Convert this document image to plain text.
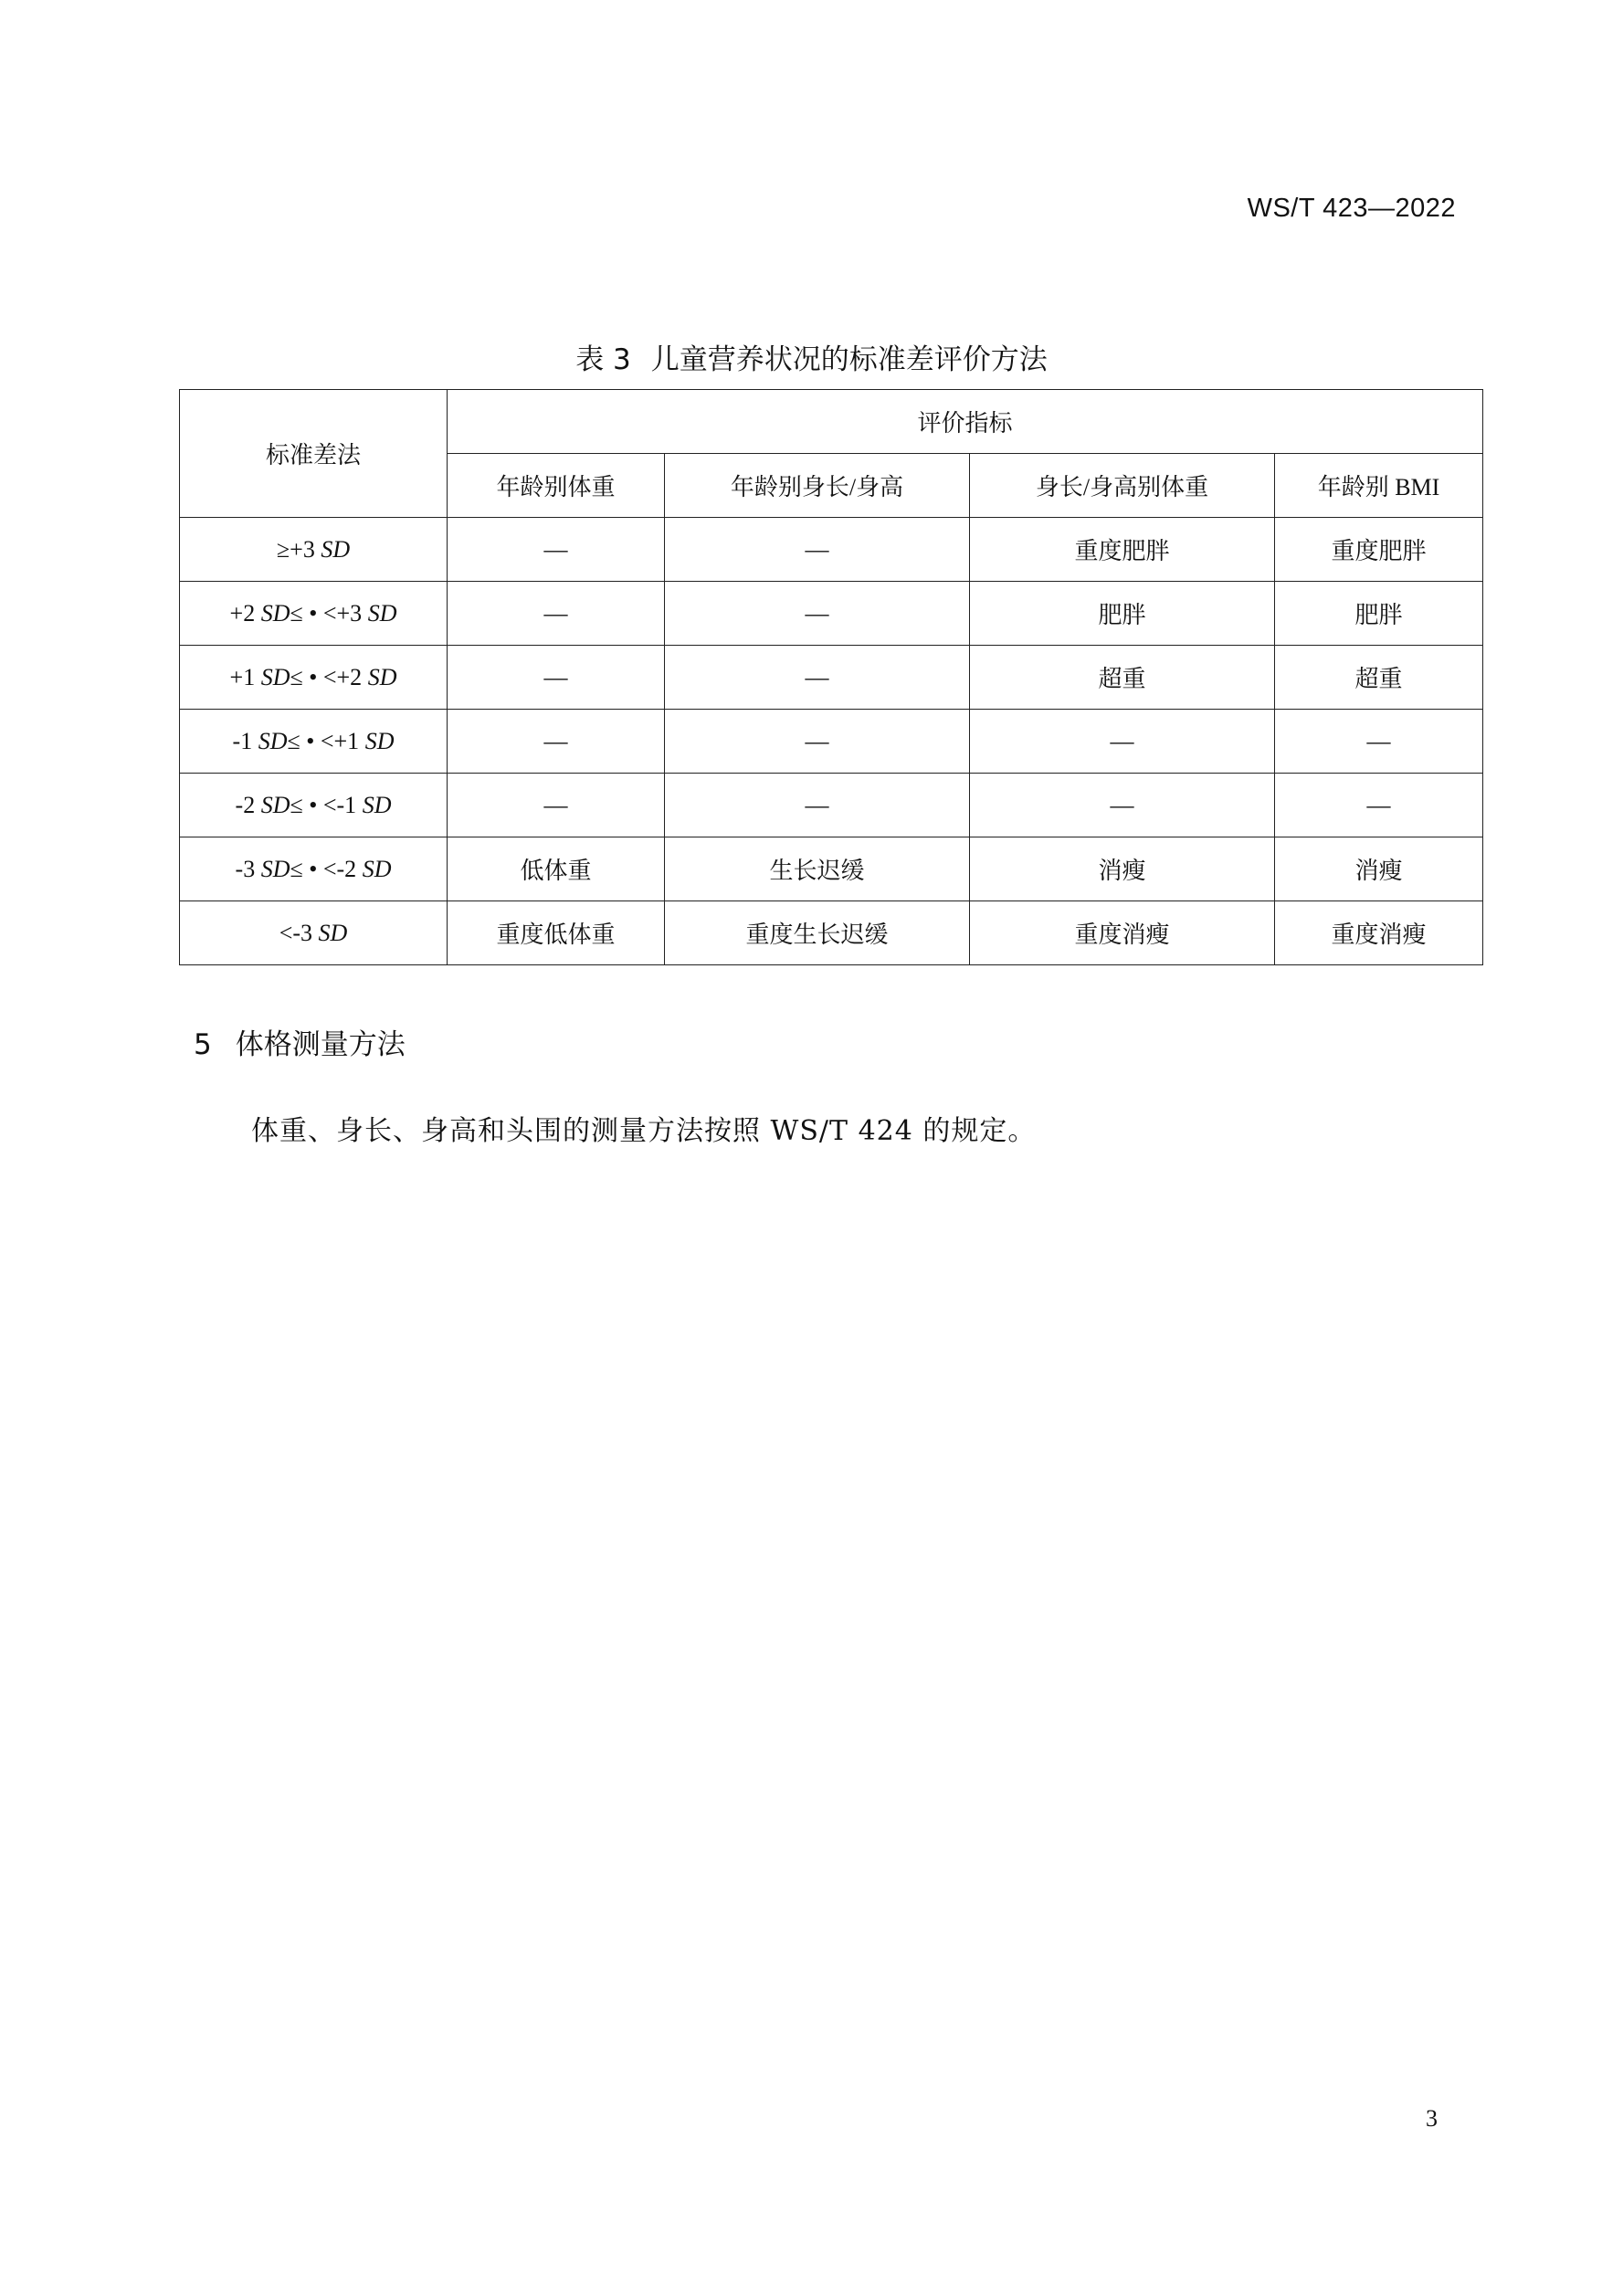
WS/T 423—2022
表 3 儿童营养状况的标准差评价方法
标准差法	评价指标			
	年龄别体重	年龄别身长/身高	身长/身高别体重	年龄别 BMI
≥+3 SD	—	—	重度肥胖	重度肥胖
+2 SD≤ • <+3 SD	—	—	肥胖	肥胖
+1 SD≤ • <+2 SD	—	—	超重	超重
-1 SD≤ • <+1 SD	—	—	—	—
-2 SD≤ • <-1 SD	—	—	—	—
-3 SD≤ • <-2 SD	低体重	生长迟缓	消瘦	消瘦
<-3 SD	重度低体重	重度生长迟缓	重度消瘦	重度消瘦
5 体格测量方法
体重、身长、身高和头围的测量方法按照 WS/T 424 的规定。
3
